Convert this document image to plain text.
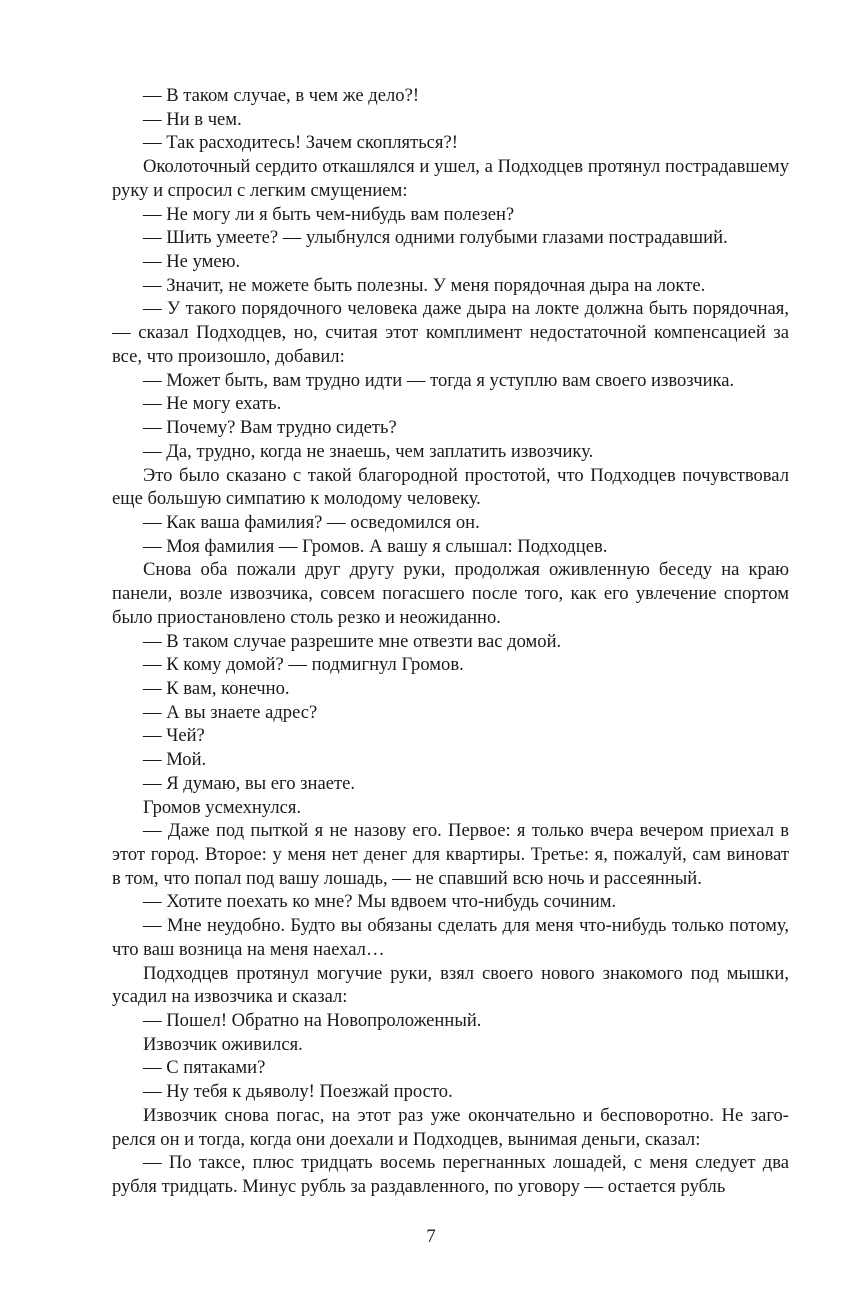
— В таком случае, в чем же дело?!

— Ни в чем.

— Так расходитесь! Зачем скопляться?!

Околоточный сердито откашлялся и ушел, а Подходцев протянул пострадавшему руку и спросил с легким смущением:

— Не могу ли я быть чем-нибудь вам полезен?

— Шить умеете? — улыбнулся одними голубыми глазами пострадавший.

— Не умею.

— Значит, не можете быть полезны. У меня порядочная дыра на локте.

— У такого порядочного человека даже дыра на локте должна быть порядочная, — сказал Подходцев, но, считая этот комплимент недостаточной компенсацией за все, что произошло, добавил:

— Может быть, вам трудно идти — тогда я уступлю вам своего извозчика.

— Не могу ехать.

— Почему? Вам трудно сидеть?

— Да, трудно, когда не знаешь, чем заплатить извозчику.

Это было сказано с такой благородной простотой, что Подходцев почувствовал еще большую симпатию к молодому человеку.

— Как ваша фамилия? — осведомился он.

— Моя фамилия — Громов. А вашу я слышал: Подходцев.

Снова оба пожали друг другу руки, продолжая оживленную беседу на краю панели, возле извозчика, совсем погасшего после того, как его увлечение спортом было приостановлено столь резко и неожиданно.

— В таком случае разрешите мне отвезти вас домой.

— К кому домой? — подмигнул Громов.

— К вам, конечно.

— А вы знаете адрес?

— Чей?

— Мой.

— Я думаю, вы его знаете.

Громов усмехнулся.

— Даже под пыткой я не назову его. Первое: я только вчера вечером приехал в этот город. Второе: у меня нет денег для квартиры. Третье: я, пожалуй, сам виноват в том, что попал под вашу лошадь, — не спавший всю ночь и рассеянный.

— Хотите поехать ко мне? Мы вдвоем что-нибудь сочиним.

— Мне неудобно. Будто вы обязаны сделать для меня что-нибудь только потому, что ваш возница на меня наехал…

Подходцев протянул могучие руки, взял своего нового знакомого под мышки, усадил на извозчика и сказал:

— Пошел! Обратно на Новопроложенный.

Извозчик оживился.

— С пятаками?

— Ну тебя к дьяволу! Поезжай просто.

Извозчик снова погас, на этот раз уже окончательно и бесповоротно. Не загорелся он и тогда, когда они доехали и Подходцев, вынимая деньги, сказал:

— По таксе, плюс тридцать восемь перегнанных лошадей, с меня следует два рубля тридцать. Минус рубль за раздавленного, по уговору — остается рубль

7
